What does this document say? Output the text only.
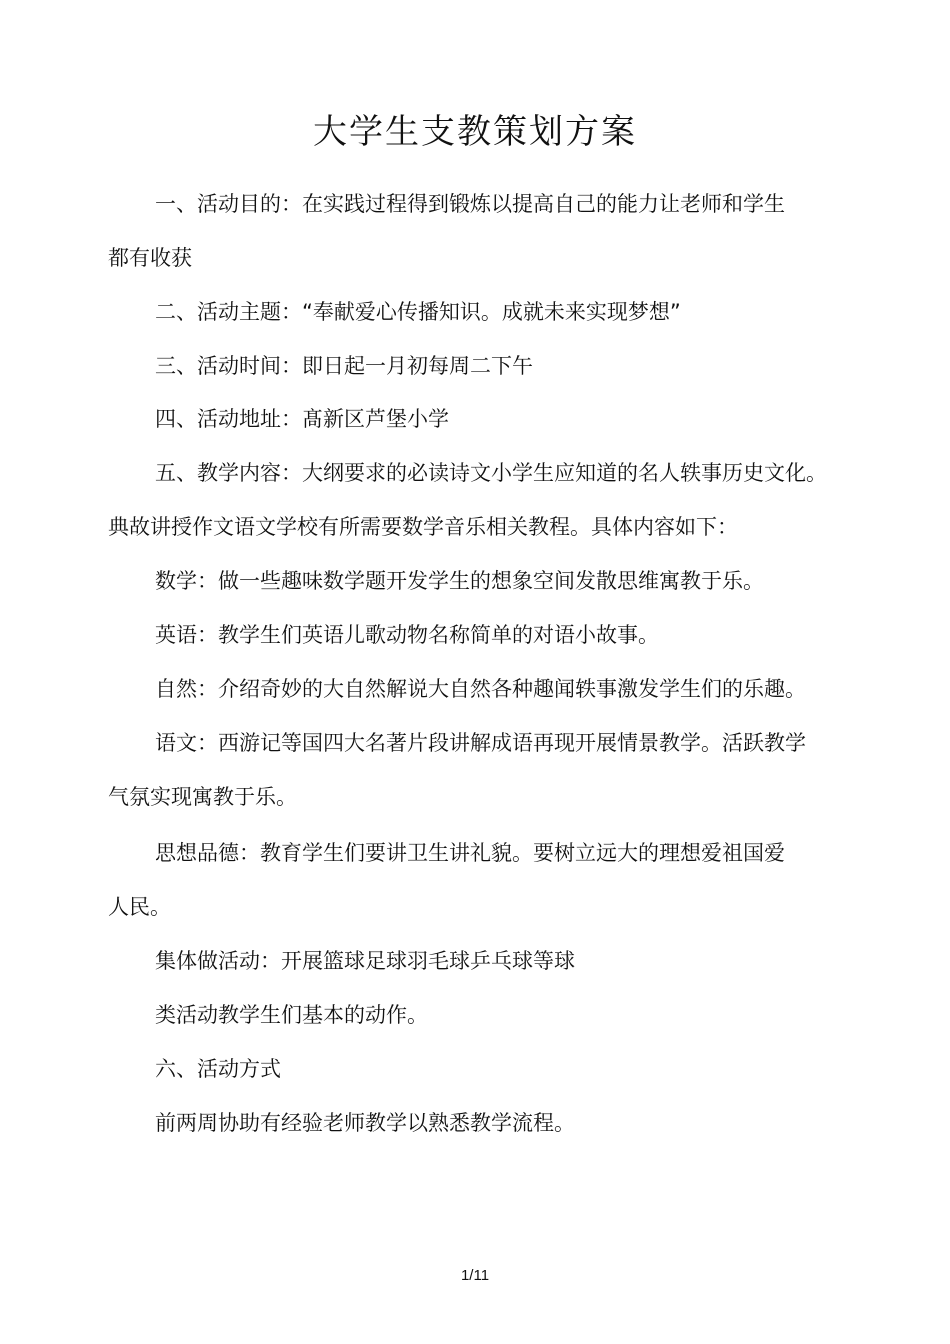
大学生支教策划方案

一、活动目的：在实践过程得到锻炼以提高自己的能力让老师和学生

都有收获

二、活动主题：“奉献爱心传播知识。成就未来实现梦想”

三、活动时间：即日起一月初每周二下午

四、活动地址：髙新区芦堡小学

五、教学内容：大纲要求的必读诗文小学生应知道的名人轶事历史文化。

典故讲授作文语文学校有所需要数学音乐相关教程。具体内容如下：

数学：做一些趣味数学题开发学生的想象空间发散思维寓教于乐。

英语：教学生们英语儿歌动物名称简单的对语小故事。

自然：介绍奇妙的大自然解说大自然各种趣闻轶事激发学生们的乐趣。

语文：西游记等国四大名著片段讲解成语再现开展情景教学。活跃教学

气氛实现寓教于乐。

思想品德：教育学生们要讲卫生讲礼貌。要树立远大的理想爱祖国爱

人民。

集体做活动：开展篮球足球羽毛球乒乓球等球

类活动教学生们基本的动作。

六、活动方式

前两周协助有经验老师教学以熟悉教学流程。

1/11
